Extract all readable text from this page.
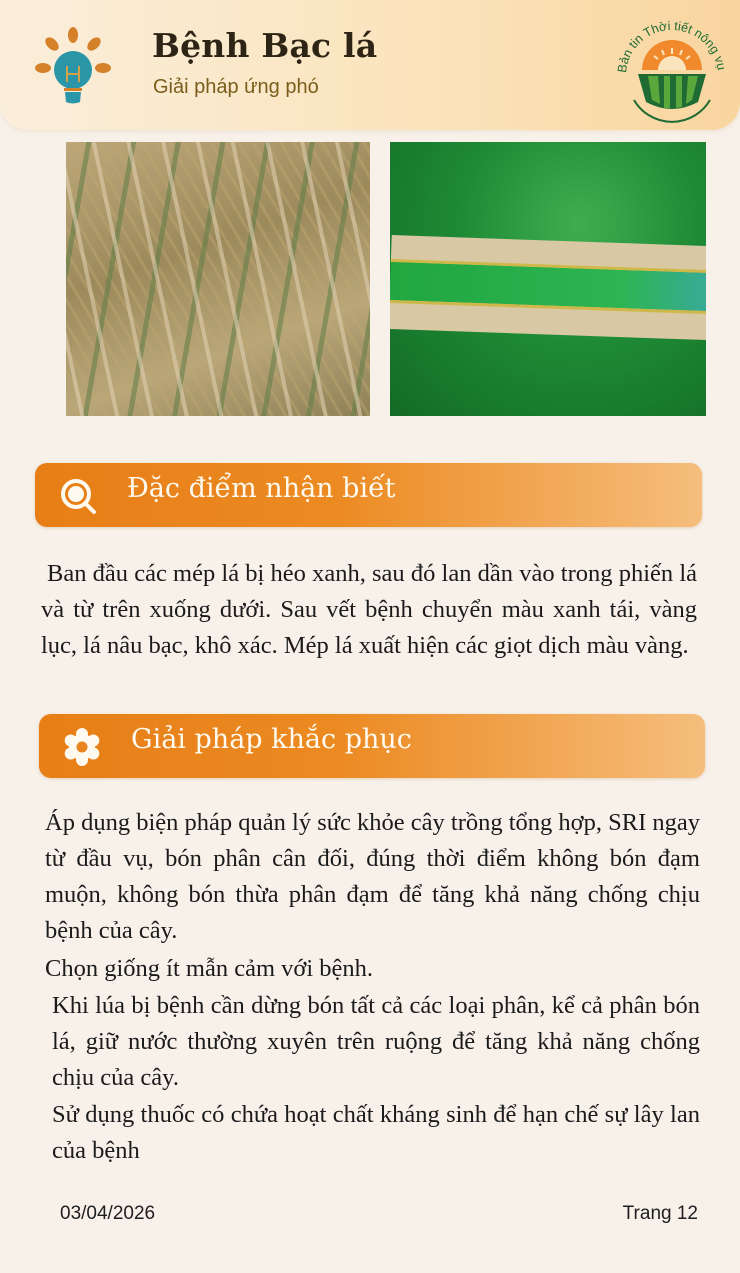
Bệnh Bạc lá
Giải pháp ứng phó
Bản tin Thời tiết nông vụ
Đặc điểm nhận biết
Ban đầu các mép lá bị héo xanh, sau đó lan dần vào trong phiến lá và từ trên xuống dưới. Sau vết bệnh chuyển màu xanh tái, vàng lục, lá nâu bạc, khô xác. Mép lá xuất hiện các giọt dịch màu vàng.
Giải pháp khắc phục
Áp dụng biện pháp quản lý sức khỏe cây trồng tổng hợp, SRI ngay từ đầu vụ, bón phân cân đối, đúng thời điểm không bón đạm muộn, không bón thừa phân đạm để tăng khả năng chống chịu bệnh của cây.
Chọn giống ít mẫn cảm với bệnh.
Khi lúa bị bệnh cần dừng bón tất cả các loại phân, kể cả phân bón lá, giữ nước thường xuyên trên ruộng để tăng khả năng chống chịu của cây.
Sử dụng thuốc có chứa hoạt chất kháng sinh để hạn chế sự lây lan của bệnh
03/04/2026	Trang 12
